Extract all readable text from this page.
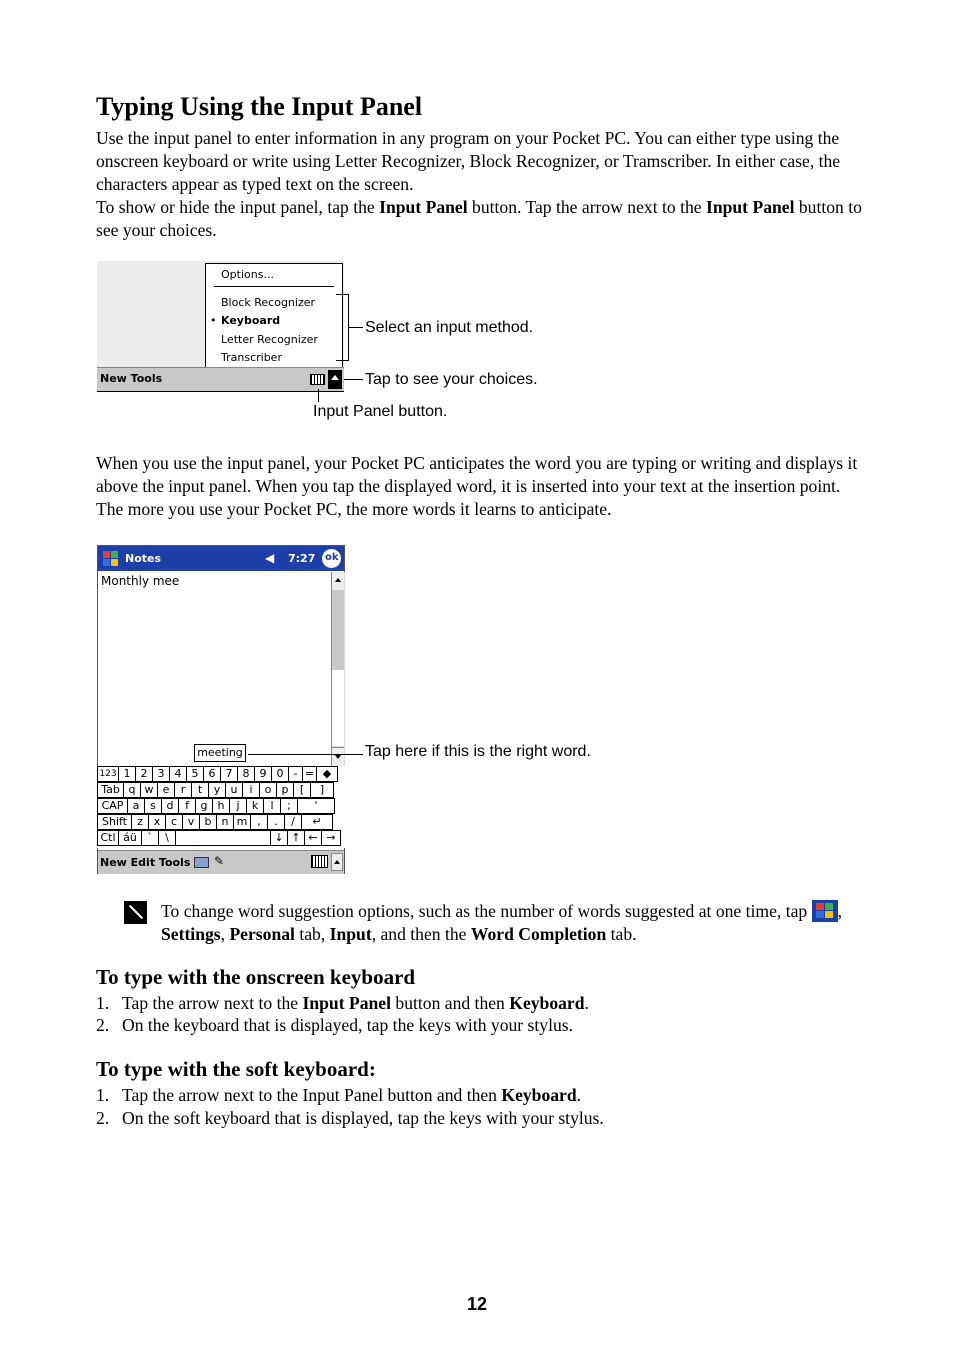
Typing Using the Input Panel

Use the input panel to enter information in any program on your Pocket PC. You can either type using the onscreen keyboard or write using Letter Recognizer, Block Recognizer, or Tramscriber. In either case, the characters appear as typed text on the screen.
To show or hide the input panel, tap the Input Panel button. Tap the arrow next to the Input Panel button to see your choices.

Options...
Block Recognizer
• Keyboard
Letter Recognizer
Transcriber
New Tools
Select an input method.
Tap to see your choices.
Input Panel button.

When you use the input panel, your Pocket PC anticipates the word you are typing or writing and displays it above the input panel. When you tap the displayed word, it is inserted into your text at the insertion point. The more you use your Pocket PC, the more words it learns to anticipate.

Notes	◀ 7:27 ok
Monthly mee
meeting
New Edit Tools ✎
123 1 2 3 4 5 6 7 8 9 0 - = ◆
Tab q w e	r	t	y u	i	o p	[	]
CAP a s d	f	g h	j	k	l	;	'
Shift z x c v b n m ,	.	/	↵
Ctl áü `	\	↓ ↑ ← →
Tap here if this is the right word.

To change word suggestion options, such as the number of words suggested at one time, tap
, Settings, Personal tab, Input, and then the Word Completion tab.

To type with the onscreen keyboard
1. Tap the arrow next to the Input Panel button and then Keyboard.
2. On the keyboard that is displayed, tap the keys with your stylus.
To type with the soft keyboard:
1. Tap the arrow next to the Input Panel button and then Keyboard.
2. On the soft keyboard that is displayed, tap the keys with your stylus.
12
